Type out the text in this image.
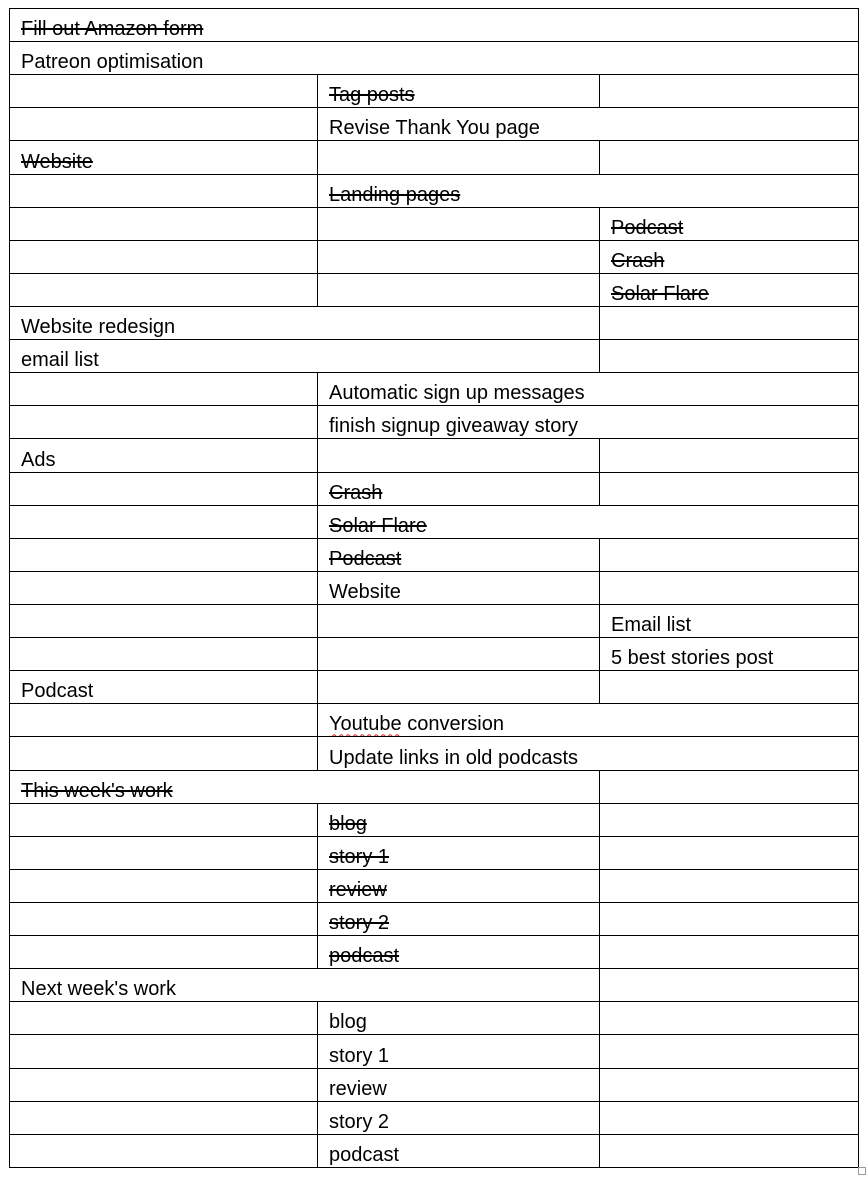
Fill out Amazon form		
Patreon optimisation		
	Tag posts	
	Revise Thank You page	
Website		
	Landing pages	
		Podcast
		Crash
		Solar Flare
Website redesign		
email list		
	Automatic sign up messages	
	finish signup giveaway story	
Ads		
	Crash	
	Solar Flare	
	Podcast	
	Website	
		Email list
		5 best stories post
Podcast		
	Youtube conversion	
	Update links in old podcasts	
This week's work		
	blog	
	story 1	
	review	
	story 2	
	podcast	
Next week's work		
	blog	
	story 1	
	review	
	story 2	
	podcast	
